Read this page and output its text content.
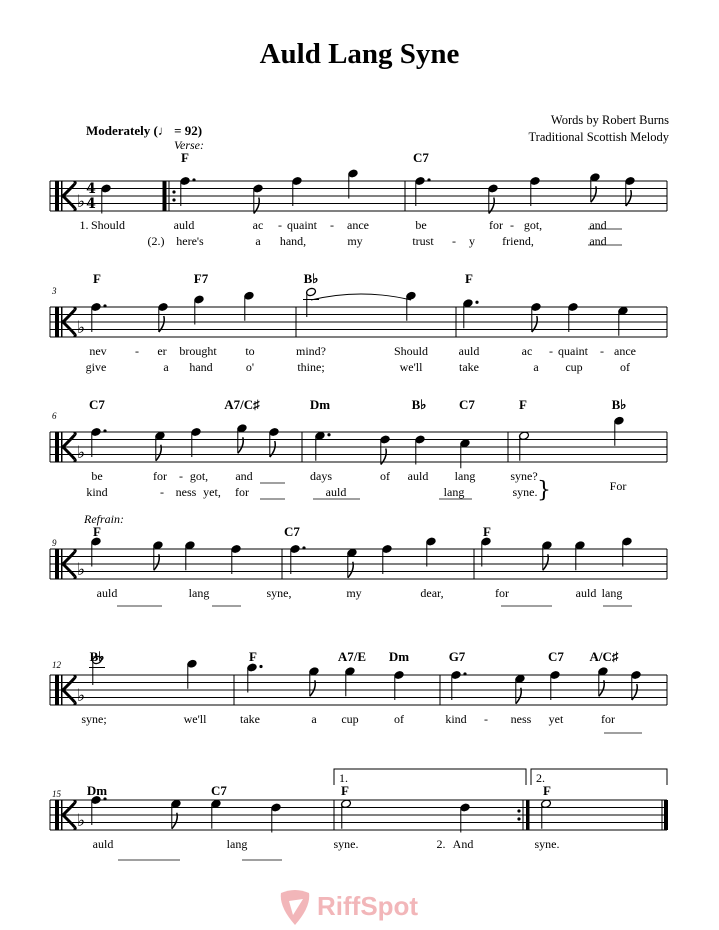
Auld Lang Syne
Words by Robert Burns
Traditional Scottish Melody
Moderately (♩ = 92)
Verse:
Refrain:
♭
F	C7
1. Should	auld	ac - quaint - ance	be	for - got,	and
(2.) here's	a hand,	my	trust - y friend,	and
♭
F	F7	B♭	F
nev - er brought to	mind?	Should	auld	ac - quaint - ance
give	a hand	o'	thine;	we'll	take	a cup	of
♭
C7	A7/C♯	Dm	B♭	C7	F	B♭
be	for - got, and	days	of auld lang	syne?
kind	- ness yet, for	auld	lang	syne.
♭
F	C7	F
auld	lang	syne,	my	dear,	for	auld lang
♭
B♭	F	A7/E Dm	G7	C7 A/C♯
syne;	we'll	take	a cup	of	kind - ness yet	for
♭
Dm	C7	F	F
auld	lang	syne.	2. And	syne.
4
4
1.	2.
3
6
9
12
15
}	For
RiffSpot
